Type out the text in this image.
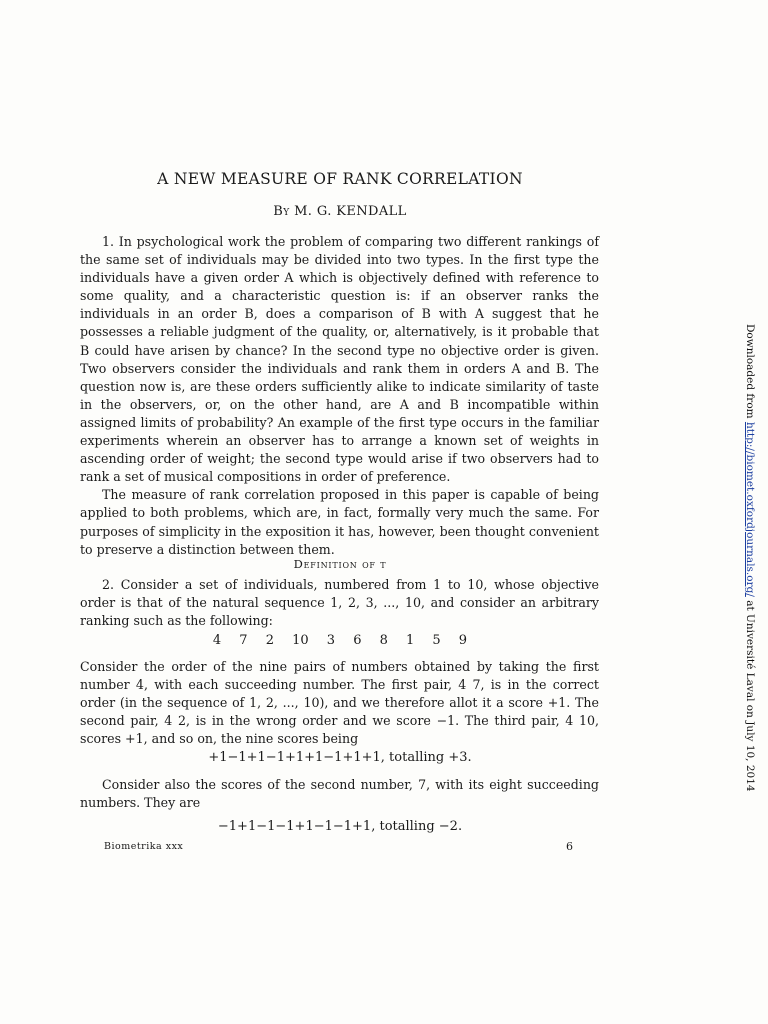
A NEW MEASURE OF RANK CORRELATION
By M. G. KENDALL

1. In psychological work the problem of comparing two different rankings of the same set of individuals may be divided into two types. In the first type the individuals have a given order A which is objectively defined with reference to some quality, and a characteristic question is: if an observer ranks the individuals in an order B, does a comparison of B with A suggest that he possesses a reliable judgment of the quality, or, alternatively, is it probable that B could have arisen by chance? In the second type no objective order is given. Two observers consider the individuals and rank them in orders A and B. The question now is, are these orders sufficiently alike to indicate similarity of taste in the observers, or, on the other hand, are A and B incompatible within assigned limits of probability? An example of the first type occurs in the familiar experiments wherein an observer has to arrange a known set of weights in ascending order of weight; the second type would arise if two observers had to rank a set of musical compositions in order of preference.

The measure of rank correlation proposed in this paper is capable of being applied to both problems, which are, in fact, formally very much the same. For purposes of simplicity in the exposition it has, however, been thought convenient to preserve a distinction between them.

Definition of τ

2. Consider a set of individuals, numbered from 1 to 10, whose objective order is that of the natural sequence 1, 2, 3, ..., 10, and consider an arbitrary ranking such as the following:

4 7 2 10 3 6 8 1 5 9

Consider the order of the nine pairs of numbers obtained by taking the first number 4, with each succeeding number. The first pair, 4 7, is in the correct order (in the sequence of 1, 2, ..., 10), and we therefore allot it a score +1. The second pair, 4 2, is in the wrong order and we score −1. The third pair, 4 10, scores +1, and so on, the nine scores being

+1−1+1−1+1+1−1+1+1, totalling +3.

Consider also the scores of the second number, 7, with its eight succeeding numbers. They are

−1+1−1−1+1−1−1+1, totalling −2.
Biometrika xxx	6
Downloaded from http://biomet.oxfordjournals.org/ at Université Laval on July 10, 2014
